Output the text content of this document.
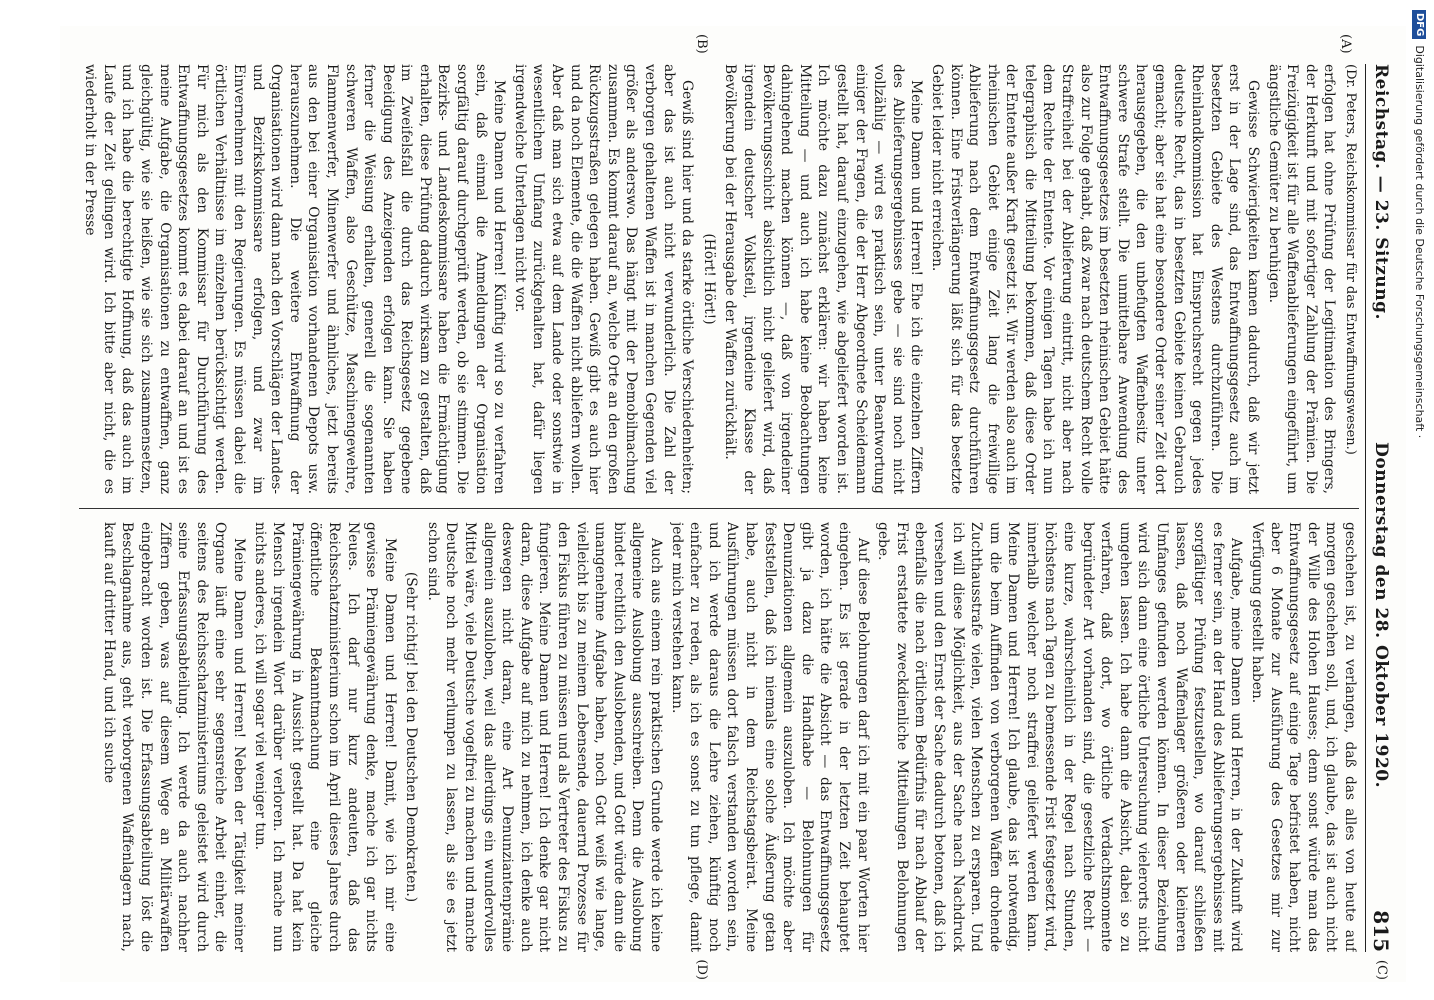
Reichstag. — 23. Sitzung.
Donnerstag den 28. Oktober 1920.
815
(A)
(B)
(C)
(D)

(Dr. Peters, Reichskommissar für das Entwaffnungswesen.)

erfolgen hat ohne Prüfung der Legitimation des Bringers, der Herkunft und mit sofortiger Zahlung der Prämien. Die Freizügigkeit ist für alle Waffenablieferungen eingeführt, um ängstliche Gemüter zu beruhigen.

Gewisse Schwierigkeiten kamen dadurch, daß wir jetzt erst in der Lage sind, das Entwaffnungsgesetz auch im besetzten Gebiete des Westens durchzuführen. Die Rheinlandkommission hat Einspruchsrecht gegen jedes deutsche Recht, das in besetzten Gebiete keinen Gebrauch gemacht; aber sie hat eine besondere Order seiner Zeit dort herausgegeben, die den unbefugten Waffenbesitz unter schwere Strafe stellt. Die unmittelbare Anwendung des Entwaffnungsgesetzes im besetzten rheinischen Gebiet hätte also zur Folge gehabt, daß zwar nach deutschem Recht volle Straffreiheit bei der Ablieferung eintritt, nicht aber nach dem Rechte der Entente. Vor einigen Tagen habe ich nun telegraphisch die Mitteilung bekommen, daß diese Order der Entente außer Kraft gesetzt ist. Wir werden also auch im rheinischen Gebiet einige Zeit lang die freiwillige Ablieferung nach dem Entwaffnungsgesetz durchführen können. Eine Fristverlängerung läßt sich für das besetzte Gebiet leider nicht erreichen.

Meine Damen und Herren! Ehe ich die einzelnen Ziffern des Ablieferungsergebnisses gebe — sie sind noch nicht vollzählig — wird es praktisch sein, unter Beantwortung einiger der Fragen, die der Herr Abgeordnete Scheidemann gestellt hat, darauf einzugehen, wie abgeliefert worden ist. Ich möchte dazu zunächst erklären: wir haben keine Mitteilung — und auch ich habe keine Beobachtungen dahingehend machen können —, daß von irgendeiner Bevölkerungsschicht absichtlich nicht geliefert wird, daß irgendein deutscher Volksteil, irgendeine Klasse der Bevölkerung bei der Herausgabe der Waffen zurückhält.

(Hört! Hört!)

Gewiß sind hier und da starke örtliche Verschiedenheiten; aber das ist auch nicht verwunderlich. Die Zahl der verborgen gehaltenen Waffen ist in manchen Gegenden viel größer als anderswo. Das hängt mit der Demobilmachung zusammen. Es kommt darauf an, welche Orte an den großen Rückzugsstraßen gelegen haben. Gewiß gibt es auch hier und da noch Elemente, die die Waffen nicht abliefern wollen. Aber daß man sich etwa auf dem Lande oder sonstwie in wesentlichem Umfang zurückgehalten hat, dafür liegen irgendwelche Unterlagen nicht vor.

Meine Damen und Herren! Künftig wird so zu verfahren sein, daß einmal die Anmeldungen der Organisation sorgfältig darauf durchgeprüft werden, ob sie stimmen. Die Bezirks- und Landeskommissare haben die Ermächtigung erhalten, diese Prüfung dadurch wirksam zu gestalten, daß im Zweifelsfall die durch das Reichsgesetz gegebene Beeidigung des Anzeigenden erfolgen kann. Sie haben ferner die Weisung erhalten, generell die sogenannten schweren Waffen, also Geschütze, Maschinengewehre, Flammenwerfer, Minenwerfer und ähnliches, jetzt bereits aus den bei einer Organisation vorhandenen Depots usw. herauszunehmen. Die weitere Entwaffnung der Organisationen wird dann nach den Vorschlägen der Landes- und Bezirkskommissare erfolgen, und zwar im Einvernehmen mit den Regierungen. Es müssen dabei die örtlichen Verhältnisse im einzelnen berücksichtigt werden. Für mich als den Kommissar für Durchführung des Entwaffnungsgesetzes kommt es dabei darauf an und ist es meine Aufgabe, die Organisationen zu entwaffnen, ganz gleichgültig, wie sie heißen, wie sie sich zusammensetzen, und ich habe die berechtigte Hoffnung, daß das auch im Laufe der Zeit gelingen wird. Ich bitte aber nicht, die es wiederholt in der Presse

geschehen ist, zu verlangen, daß das alles von heute auf morgen geschehen soll, und, ich glaube, das ist auch nicht der Wille des Hohen Hauses; denn sonst würde man das Entwaffnungsgesetz auf einige Tage befristet haben, nicht aber 6 Monate zur Ausführung des Gesetzes mir zur Verfügung gestellt haben.

Aufgabe, meine Damen und Herren, in der Zukunft wird es ferner sein, an der Hand des Ablieferungsergebnisses mit sorgfältiger Prüfung festzustellen, wo darauf schließen lassen, daß noch Waffenlager größeren oder kleineren Umfanges gefunden werden können. In dieser Beziehung wird sich dann eine örtliche Untersuchung vielerorts nicht umgehen lassen. Ich habe dann die Absicht, dabei so zu verfahren, daß dort, wo örtliche Verdachtsmomente begründeter Art vorhanden sind, die gesetzliche Recht — eine kurze, wahrscheinlich in der Regel nach Stunden, höchstens nach Tagen zu bemessende Frist festgesetzt wird, innerhalb welcher noch straffrei geliefert werden kann. Meine Damen und Herren! Ich glaube, das ist notwendig, um die beim Auffinden von verborgenen Waffen drohende Zuchthausstrafe vielen, vielen Menschen zu ersparen. Und ich will diese Möglichkeit, aus der Sache nach Nachdruck versehen und den Ernst der Sache dadurch betonen, daß ich ebenfalls die nach örtlichem Bedürfnis für nach Ablauf der Frist erstattete zweckdienliche Mitteilungen Belohnungen gebe.

Auf diese Belohnungen darf ich mit ein paar Worten hier eingehen. Es ist gerade in der letzten Zeit behauptet worden, ich hätte die Absicht — das Entwaffnungsgesetz gibt ja dazu die Handhabe — Belohnungen für Denunziationen allgemein auszuloben. Ich möchte aber feststellen, daß ich niemals eine solche Äußerung getan habe, auch nicht in dem Reichstagsbeirat. Meine Ausführungen müssen dort falsch verstanden worden sein, und ich werde daraus die Lehre ziehen, künftig noch einfacher zu reden, als ich es sonst zu tun pflege, damit jeder mich verstehen kann.

Auch aus einem rein praktischen Grunde werde ich keine allgemeine Auslobung ausschreiben. Denn die Auslobung bindet rechtlich den Auslobenden, und Gott würde dann die unangenehme Aufgabe haben, noch Gott weiß wie lange, vielleicht bis zu meinem Lebensende, dauernd Prozesse für den Fiskus führen zu müssen und als Vertreter des Fiskus zu fungieren. Meine Damen und Herren! Ich denke gar nicht daran, diese Aufgabe auf mich zu nehmen, ich denke auch deswegen nicht daran, eine Art Denunziantenprämie allgemein auszuloben, weil das allerdings ein wundervolles Mittel wäre, viele Deutsche vogelfrei zu machen und manche Deutsche noch mehr verlumpen zu lassen, als sie es jetzt schon sind.

(Sehr richtig! bei den Deutschen Demokraten.)

Meine Damen und Herren! Damit, wie ich mir eine gewisse Prämiengewährung denke, mache ich gar nichts Neues. Ich darf nur kurz andeuten, daß das Reichsschatzministerium schon im April dieses Jahres durch öffentliche Bekanntmachung eine gleiche Prämiengewährung in Aussicht gestellt hat. Da hat kein Mensch irgendein Wort darüber verloren. Ich mache nun nichts anderes, ich will sogar viel weniger tun.

Meine Damen und Herren! Neben der Tätigkeit meiner Organe läuft eine sehr segensreiche Arbeit einher, die seitens des Reichsschatzministeriums geleistet wird durch seine Erfassungsabteilung. Ich werde da auch nachher Ziffern geben, was auf diesem Wege an Militärwaffen eingebracht worden ist. Die Erfassungsabteilung löst die Beschlagnahme aus, geht verborgenen Waffenlagern nach, kauft auf dritter Hand, und ich suche

DFGDigitalisierung gefördert durch die Deutsche Forschungsgemeinschaft ·
